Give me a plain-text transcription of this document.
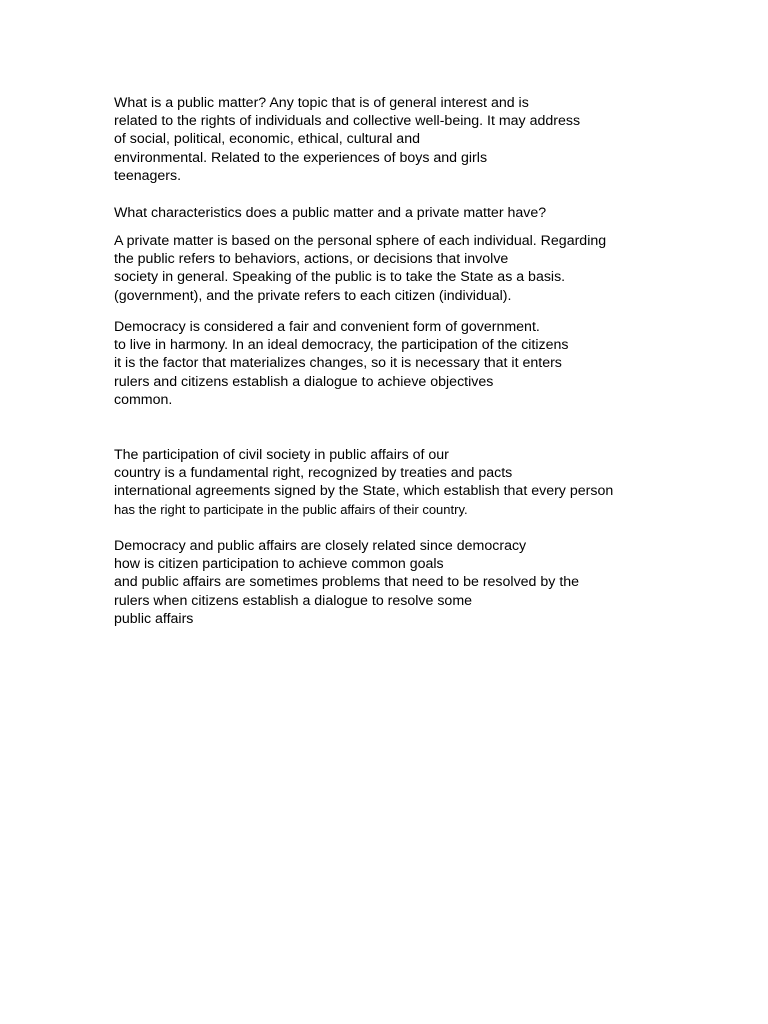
What is a public matter? Any topic that is of general interest and is
related to the rights of individuals and collective well-being. It may address
of social, political, economic, ethical, cultural and
environmental. Related to the experiences of boys and girls
teenagers.

What characteristics does a public matter and a private matter have?

A private matter is based on the personal sphere of each individual. Regarding
the public refers to behaviors, actions, or decisions that involve
society in general. Speaking of the public is to take the State as a basis.
(government), and the private refers to each citizen (individual).

Democracy is considered a fair and convenient form of government.
to live in harmony. In an ideal democracy, the participation of the citizens
it is the factor that materializes changes, so it is necessary that it enters
rulers and citizens establish a dialogue to achieve objectives
common.

The participation of civil society in public affairs of our
country is a fundamental right, recognized by treaties and pacts
international agreements signed by the State, which establish that every person
has the right to participate in the public affairs of their country.

Democracy and public affairs are closely related since democracy
how is citizen participation to achieve common goals
and public affairs are sometimes problems that need to be resolved by the
rulers when citizens establish a dialogue to resolve some
public affairs
